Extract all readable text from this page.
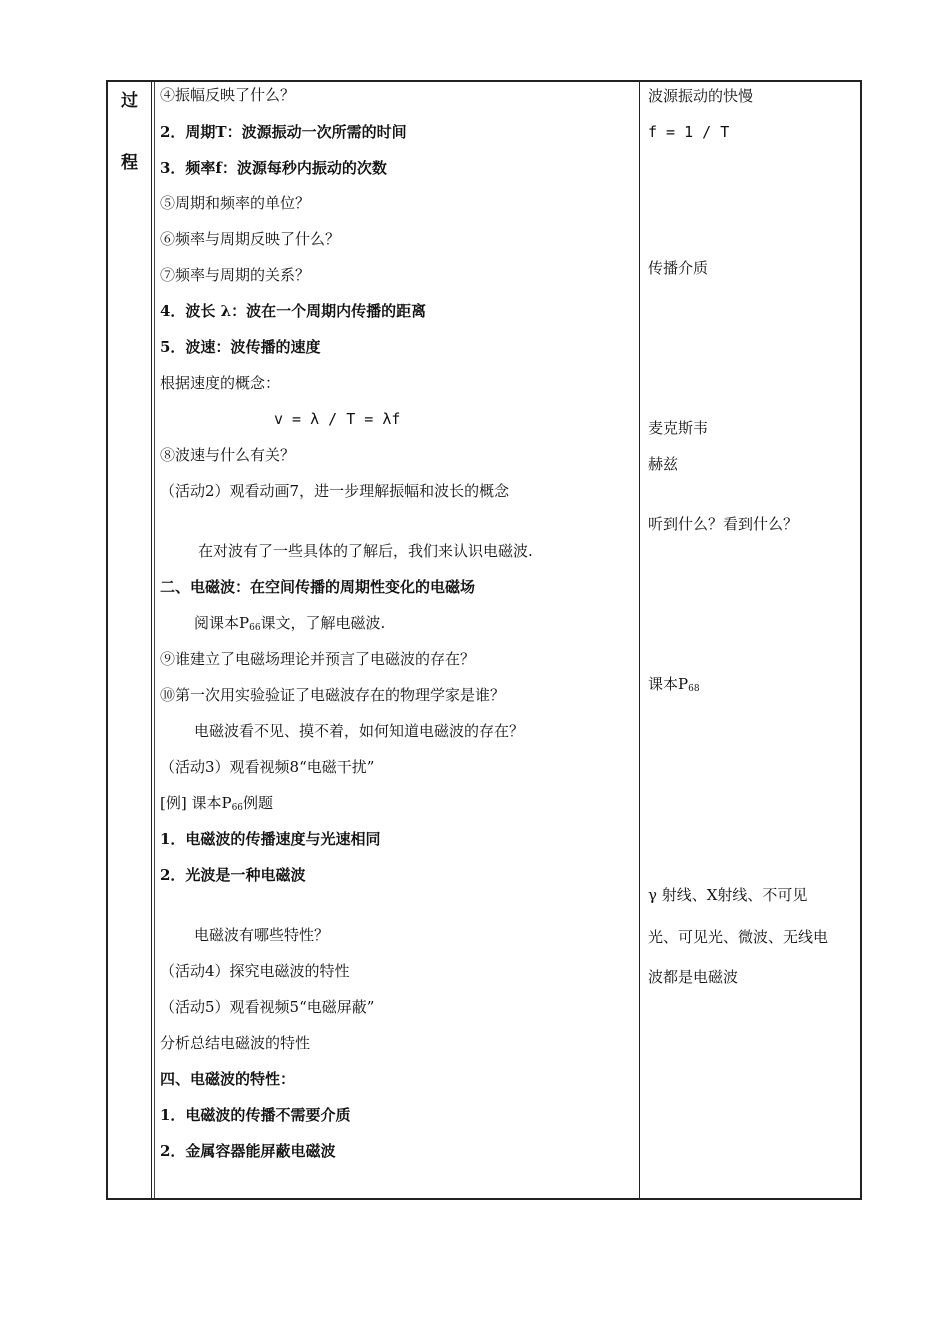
过
程
④振幅反映了什么？
2．周期T：波源振动一次所需的时间
3．频率f：波源每秒内振动的次数
⑤周期和频率的单位？
⑥频率与周期反映了什么？
⑦频率与周期的关系？
4．波长 λ：波在一个周期内传播的距离
5．波速：波传播的速度
根据速度的概念：
v = λ / T = λf
⑧波速与什么有关？
（活动2）观看动画7，进一步理解振幅和波长的概念
在对波有了一些具体的了解后，我们来认识电磁波.
二、电磁波：在空间传播的周期性变化的电磁场
阅课本$P_{66}$课文，了解电磁波.
⑨谁建立了电磁场理论并预言了电磁波的存在？
⑩第一次用实验验证了电磁波存在的物理学家是谁？
电磁波看不见、摸不着，如何知道电磁波的存在？
（活动3）观看视频8“电磁干扰”
[例] 课本$P_{66}$例题
1．电磁波的传播速度与光速相同
2．光波是一种电磁波
电磁波有哪些特性？
（活动4）探究电磁波的特性
（活动5）观看视频5“电磁屏蔽”
分析总结电磁波的特性
四、电磁波的特性：
1．电磁波的传播不需要介质
2．金属容器能屏蔽电磁波
波源振动的快慢
f = 1 / T
传播介质
麦克斯韦
赫兹
听到什么？看到什么？
课本$P_{68}$
γ 射线、X射线、不可见
光、可见光、微波、无线电
波都是电磁波
